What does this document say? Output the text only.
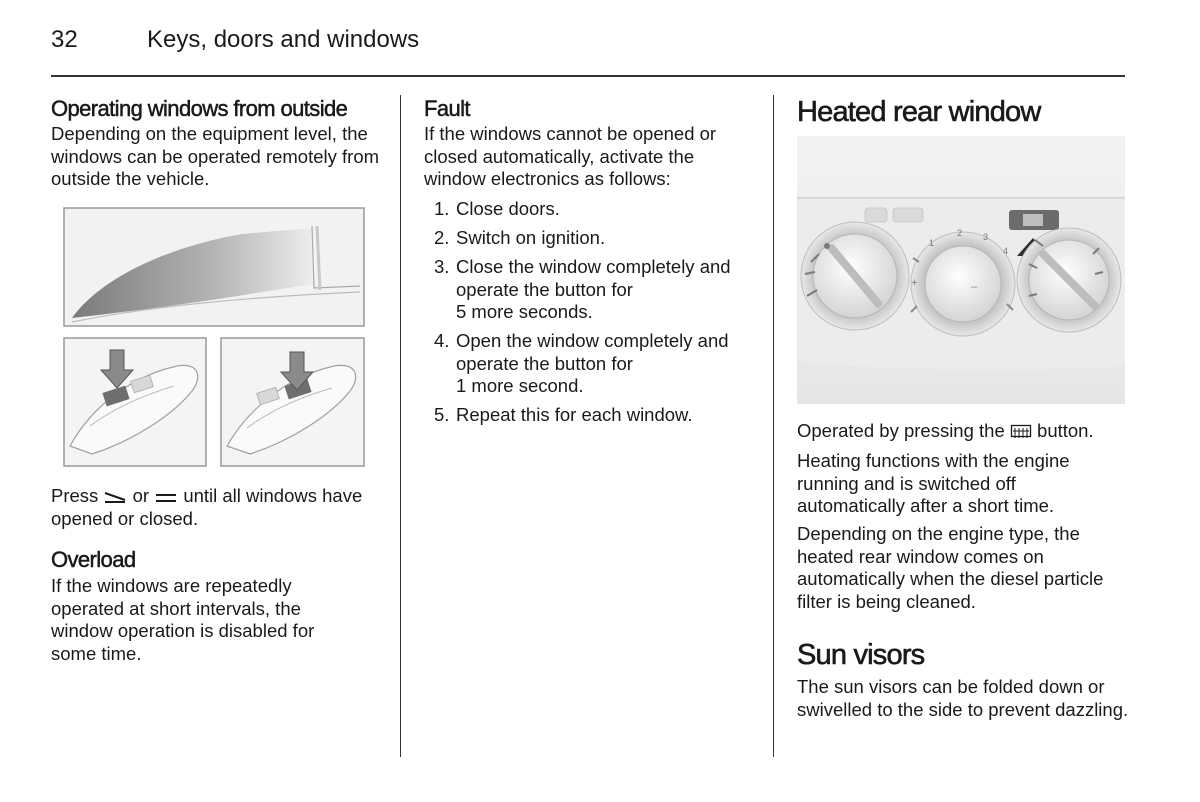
32	Keys, doors and windows
Operating windows from outside

Depending on the equipment level, the windows can be operated remotely from outside the vehicle.

Press or until all windows have
opened or closed.
Overload

If the windows are repeatedly operated at short intervals, the window operation is disabled for some time.

Fault

If the windows cannot be opened or closed automatically, activate the window electronics as follows:

1. Close doors.
2. Switch on ignition.
3. Close the window completely and
operate the button for
5 more seconds.
4. Open the window completely and
operate the button for
1 more second.
5. Repeat this for each window.
Heated rear window
1
2 3
4
+	–
Operated by pressing the button.

Heating functions with the engine running and is switched off automatically after a short time.

Depending on the engine type, the heated rear window comes on automatically when the diesel particle filter is being cleaned.

Sun visors

The sun visors can be folded down or swivelled to the side to prevent dazzling.
